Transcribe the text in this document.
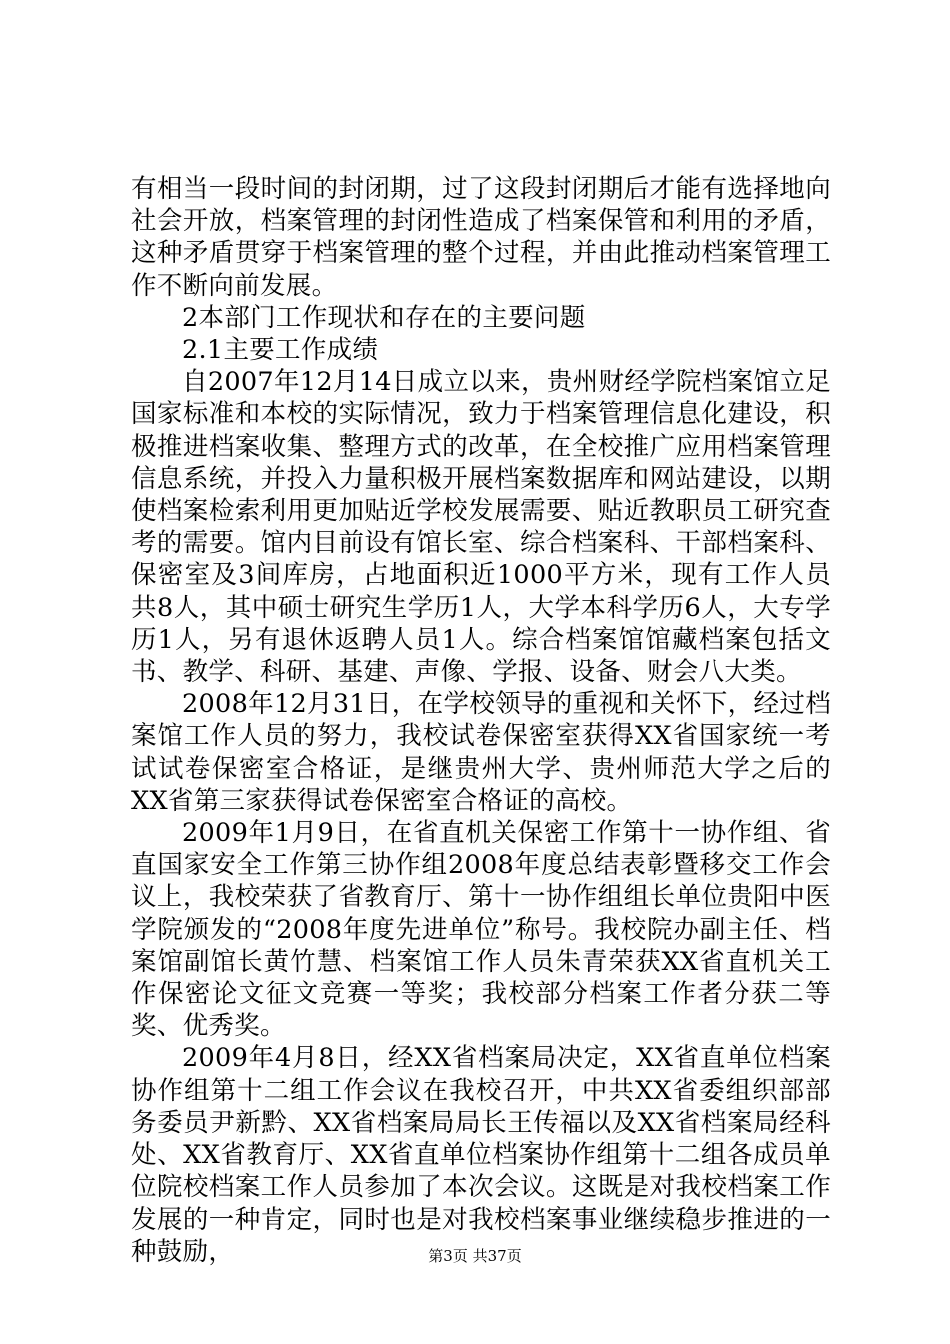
有相当一段时间的封闭期，过了这段封闭期后才能有选择地向社会开放，档案管理的封闭性造成了档案保管和利用的矛盾，这种矛盾贯穿于档案管理的整个过程，并由此推动档案管理工作不断向前发展。

2本部门工作现状和存在的主要问题

2.1主要工作成绩

自2007年12月14日成立以来，贵州财经学院档案馆立足国家标准和本校的实际情况，致力于档案管理信息化建设，积极推进档案收集、整理方式的改革，在全校推广应用档案管理信息系统，并投入力量积极开展档案数据库和网站建设，以期使档案检索利用更加贴近学校发展需要、贴近教职员工研究查考的需要。馆内目前设有馆长室、综合档案科、干部档案科、保密室及3间库房，占地面积近1000平方米，现有工作人员共8人，其中硕士研究生学历1人，大学本科学历6人，大专学历1人，另有退休返聘人员1人。综合档案馆馆藏档案包括文书、教学、科研、基建、声像、学报、设备、财会八大类。

2008年12月31日，在学校领导的重视和关怀下，经过档案馆工作人员的努力，我校试卷保密室获得XX省国家统一考试试卷保密室合格证，是继贵州大学、贵州师范大学之后的XX省第三家获得试卷保密室合格证的高校。

2009年1月9日，在省直机关保密工作第十一协作组、省直国家安全工作第三协作组2008年度总结表彰暨移交工作会议上，我校荣获了省教育厅、第十一协作组组长单位贵阳中医学院颁发的“2008年度先进单位”称号。我校院办副主任、档案馆副馆长黄竹慧、档案馆工作人员朱青荣获XX省直机关工作保密论文征文竞赛一等奖；我校部分档案工作者分获二等奖、优秀奖。

2009年4月8日，经XX省档案局决定，XX省直单位档案协作组第十二组工作会议在我校召开，中共XX省委组织部部务委员尹新黔、XX省档案局局长王传福以及XX省档案局经科处、XX省教育厅、XX省直单位档案协作组第十二组各成员单位院校档案工作人员参加了本次会议。这既是对我校档案工作发展的一种肯定，同时也是对我校档案事业继续稳步推进的一种鼓励，	第3页 共37页
